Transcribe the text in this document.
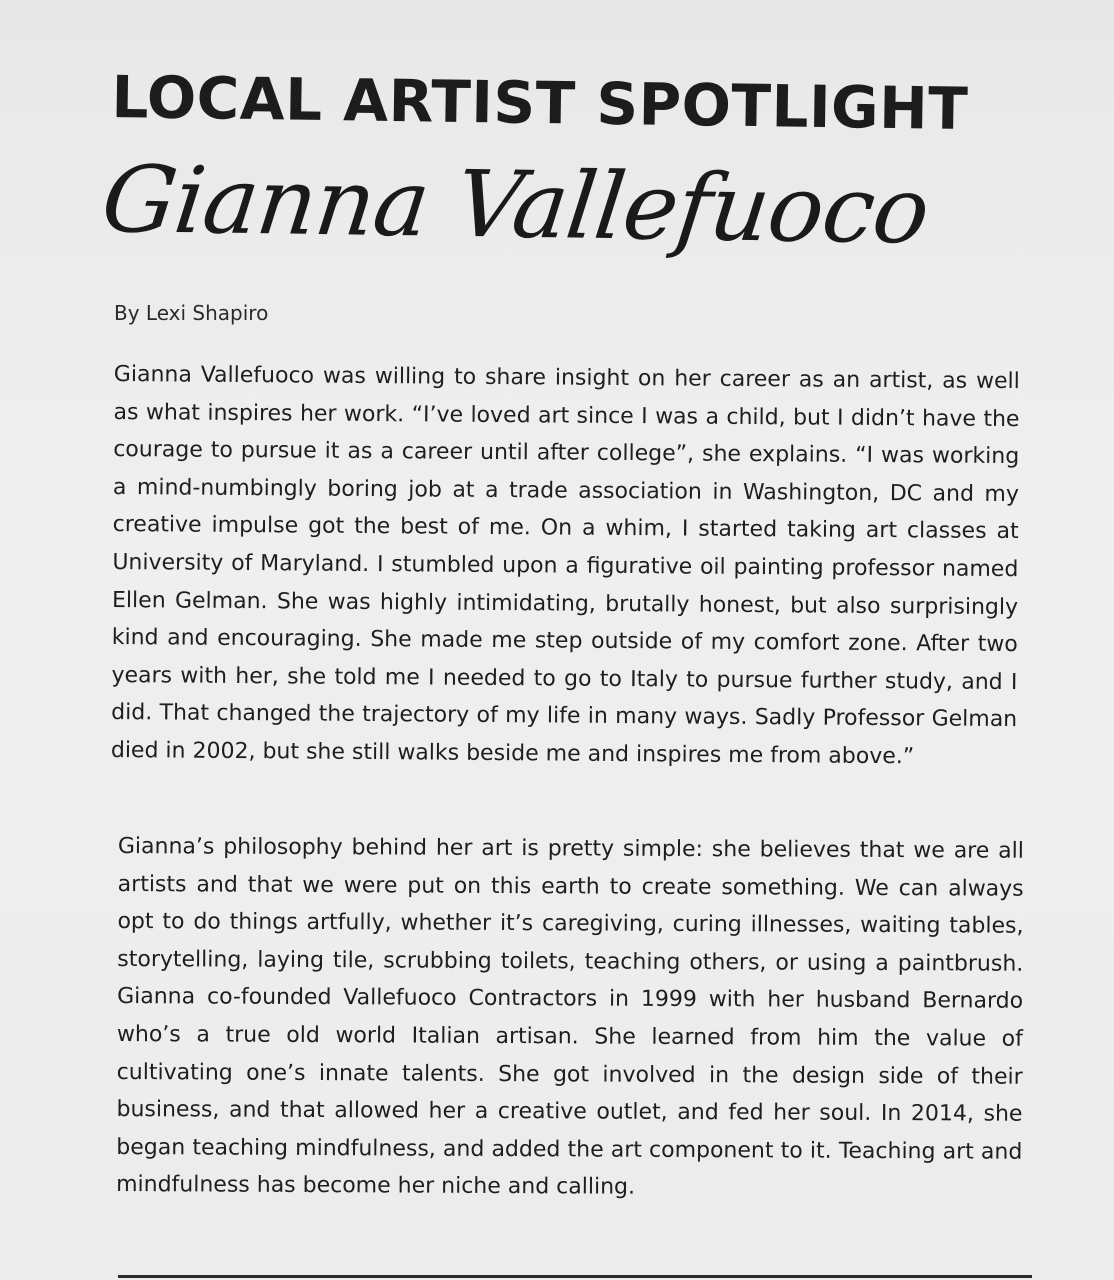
LOCAL ARTIST SPOTLIGHT
Gianna Vallefuoco
By Lexi Shapiro
Gianna Vallefuoco was willing to share insight on her career as an artist, as well as what inspires her work. “I’ve loved art since I was a child, but I didn’t have the courage to pursue it as a career until after college”, she explains. “I was working a mind-numbingly boring job at a trade association in Washington, DC and my creative impulse got the best of me. On a whim, I started taking art classes at University of Maryland. I stumbled upon a figurative oil painting professor named Ellen Gelman. She was highly intimidating, brutally honest, but also surprisingly kind and encouraging. She made me step outside of my comfort zone. After two years with her, she told me I needed to go to Italy to pursue further study, and I did. That changed the trajectory of my life in many ways. Sadly Professor Gelman died in 2002, but she still walks beside me and inspires me from above.”
Gianna’s philosophy behind her art is pretty simple: she believes that we are all artists and that we were put on this earth to create something. We can always opt to do things artfully, whether it’s caregiving, curing illnesses, waiting tables, storytelling, laying tile, scrubbing toilets, teaching others, or using a paintbrush. Gianna co-founded Vallefuoco Contractors in 1999 with her husband Bernardo who’s a true old world Italian artisan. She learned from him the value of cultivating one’s innate talents. She got involved in the design side of their business, and that allowed her a creative outlet, and fed her soul. In 2014, she began teaching mindfulness, and added the art component to it. Teaching art and mindfulness has become her niche and calling.
